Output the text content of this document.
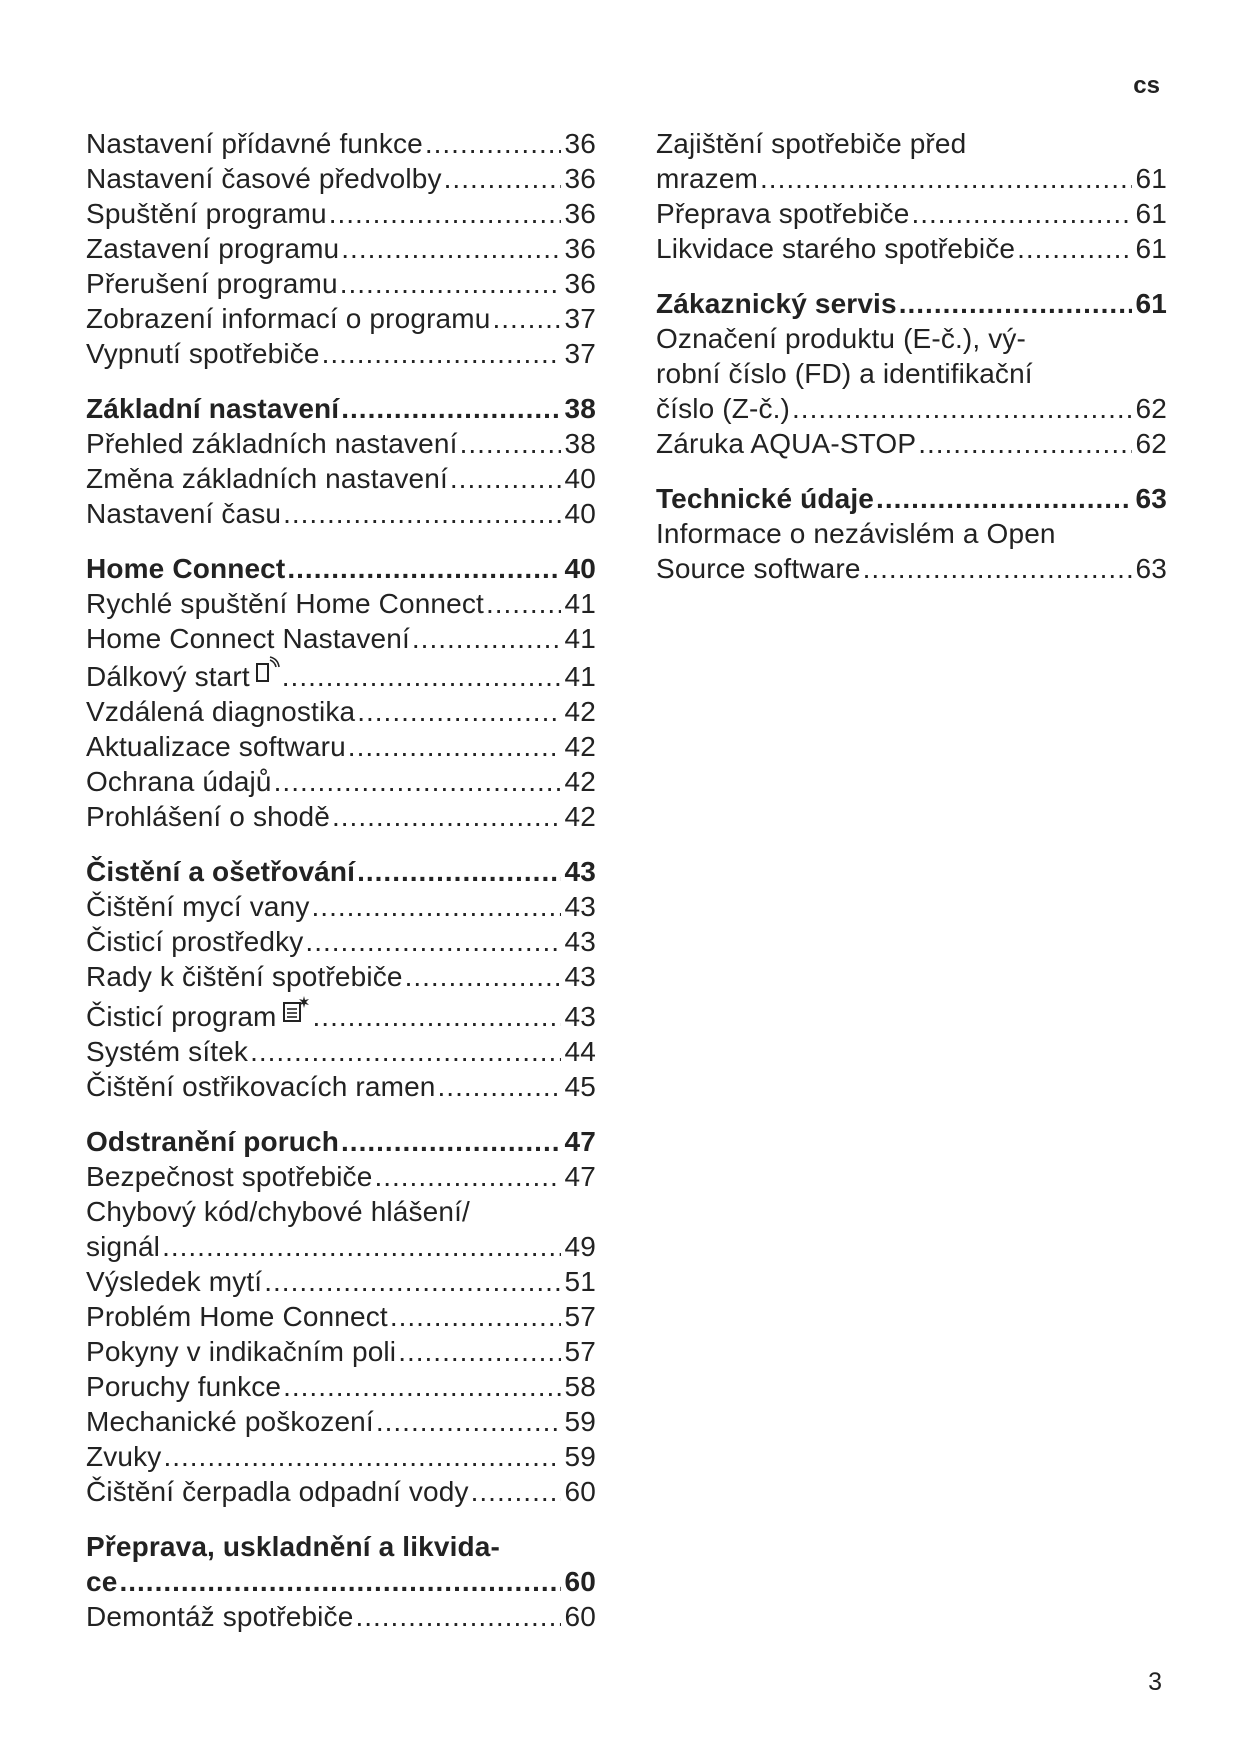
cs
Nastavení přídavné funkce .....	36
Nastavení časové předvolby .....	36
Spuštění programu .....	36
Zastavení programu .....	36
Přerušení programu .....	36
Zobrazení informací o programu .....	37
Vypnutí spotřebiče .....	37
Základní nastavení .....	38
Přehled základních nastavení .....	38
Změna základních nastavení .....	40
Nastavení času .....	40
Home Connect .....	40
Rychlé spuštění Home Connect .....	41
Home Connect Nastavení .....	41
Dálkový start .....	41
Vzdálená diagnostika .....	42
Aktualizace softwaru .....	42
Ochrana údajů .....	42
Prohlášení o shodě .....	42
Čistění a ošetřování .....	43
Čištění mycí vany .....	43
Čisticí prostředky .....	43
Rady k čištění spotřebiče .....	43
Čisticí program .....	43
Systém sítek .....	44
Čištění ostřikovacích ramen .....	45
Odstranění poruch .....	47
Bezpečnost spotřebiče .....	47
Chybový kód/chybové hlášení/
signál .....	49
Výsledek mytí .....	51
Problém Home Connect .....	57
Pokyny v indikačním poli .....	57
Poruchy funkce .....	58
Mechanické poškození .....	59
Zvuky .....	59
Čištění čerpadla odpadní vody .....	60
Přeprava, uskladnění a likvida-
ce .....	60
Demontáž spotřebiče .....	60
Zajištění spotřebiče před
mrazem .....	61
Přeprava spotřebiče .....	61
Likvidace starého spotřebiče .....	61
Zákaznický servis .....	61
Označení produktu (E-č.), vý-
robní číslo (FD) a identifikační
číslo (Z-č.) .....	62
Záruka AQUA-STOP .....	62
Technické údaje .....	63
Informace o nezávislém a Open
Source software .....	63
3
